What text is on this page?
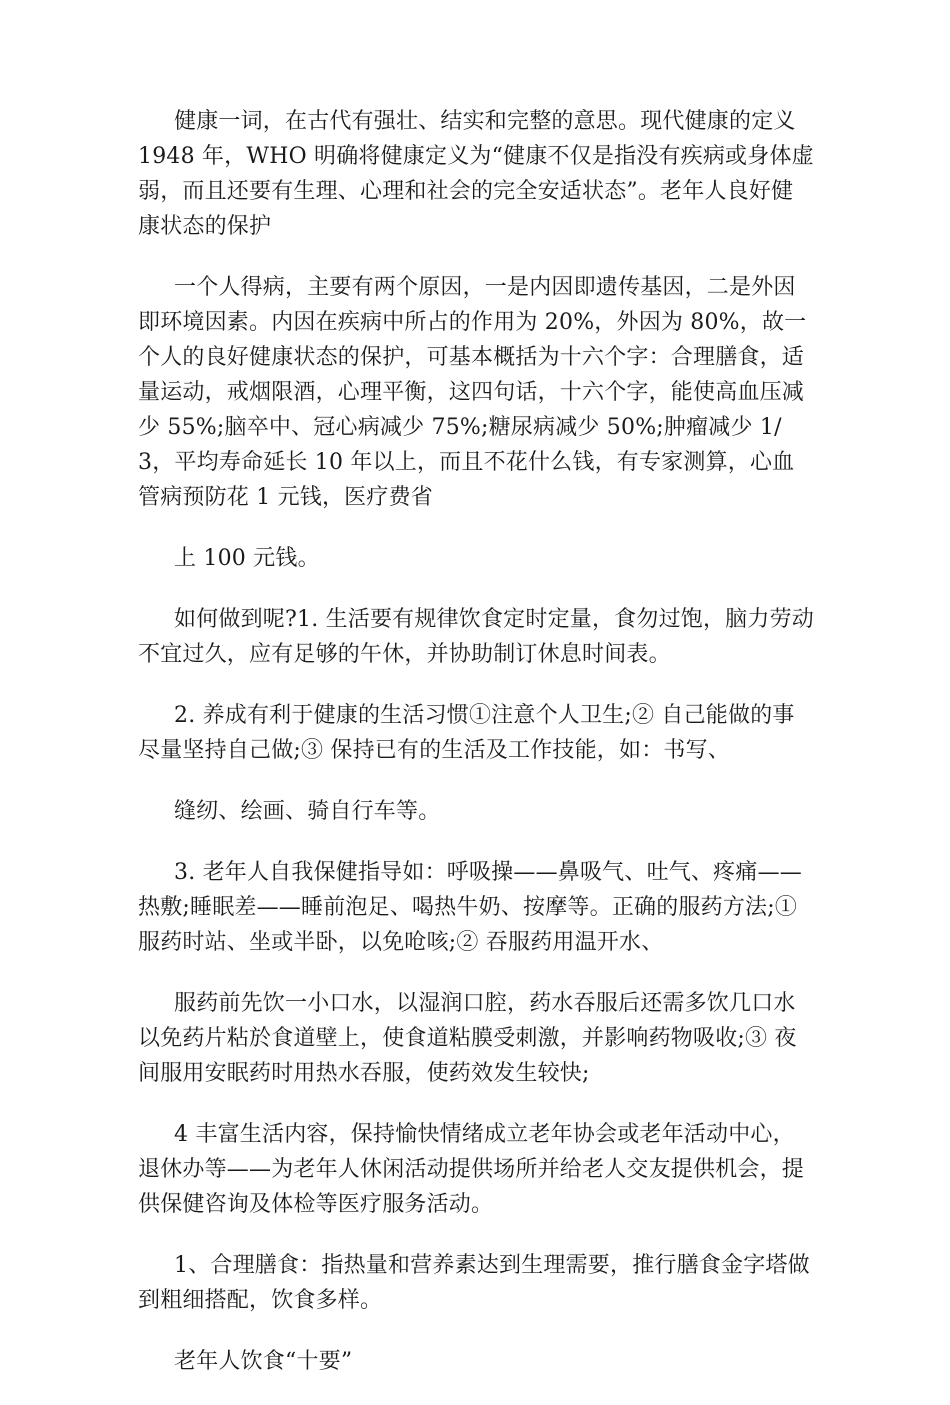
健康一词，在古代有强壮、结实和完整的意思。现代健康的定义 1948 年，WHO 明确将健康定义为“健康不仅是指没有疾病或身体虚弱，而且还要有生理、心理和社会的完全安适状态”。老年人良好健康状态的保护

一个人得病，主要有两个原因，一是内因即遗传基因，二是外因即环境因素。内因在疾病中所占的作用为 20%，外因为 80%，故一个人的良好健康状态的保护，可基本概括为十六个字：合理膳食，适量运动，戒烟限酒，心理平衡，这四句话，十六个字，能使高血压减少 55%;脑卒中、冠心病减少 75%;糖尿病减少 50%;肿瘤减少 1/3，平均寿命延长 10 年以上，而且不花什么钱，有专家测算，心血管病预防花 1 元钱，医疗费省

上 100 元钱。

如何做到呢?1. 生活要有规律饮食定时定量，食勿过饱，脑力劳动不宜过久，应有足够的午休，并协助制订休息时间表。

2. 养成有利于健康的生活习惯①注意个人卫生;② 自己能做的事尽量坚持自己做;③ 保持已有的生活及工作技能，如：书写、

缝纫、绘画、骑自行车等。

3. 老年人自我保健指导如：呼吸操——鼻吸气、吐气、疼痛——热敷;睡眠差——睡前泡足、喝热牛奶、按摩等。正确的服药方法;① 服药时站、坐或半卧，以免呛咳;② 吞服药用温开水、

服药前先饮一小口水，以湿润口腔，药水吞服后还需多饮几口水以免药片粘於食道壁上，使食道粘膜受刺激，并影响药物吸收;③ 夜间服用安眠药时用热水吞服，使药效发生较快;

4 丰富生活内容，保持愉快情绪成立老年协会或老年活动中心，退休办等——为老年人休闲活动提供场所并给老人交友提供机会，提供保健咨询及体检等医疗服务活动。

1、合理膳食：指热量和营养素达到生理需要，推行膳食金字塔做到粗细搭配，饮食多样。

老年人饮食“十要”
